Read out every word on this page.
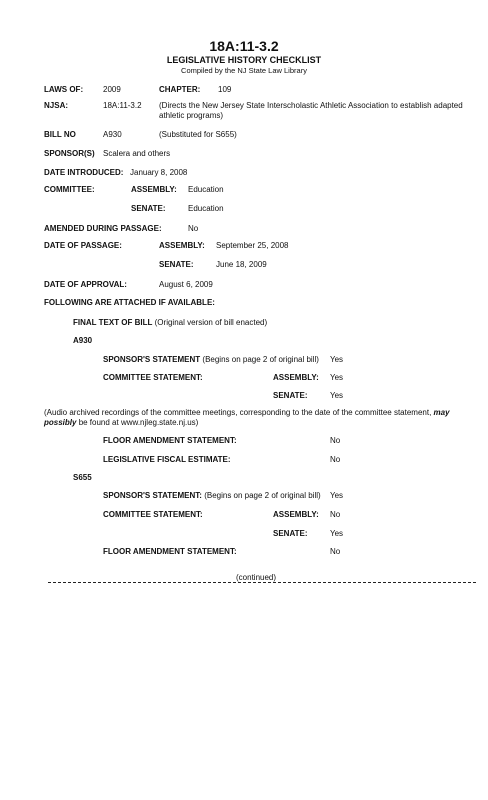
18A:11-3.2
LEGISLATIVE HISTORY CHECKLIST
Compiled by the NJ State Law Library
LAWS OF: 2009	CHAPTER: 109
NJSA:	18A:11-3.2 (Directs the New Jersey State Interscholastic Athletic Association to establish adapted athletic programs)
BILL NO	A930	(Substituted for S655)
SPONSOR(S) Scalera and others
DATE INTRODUCED: January 8, 2008
COMMITTEE:	ASSEMBLY: Education
SENATE:	Education
AMENDED DURING PASSAGE:	No
DATE OF PASSAGE:	ASSEMBLY: September 25, 2008
SENATE:	June 18, 2009
DATE OF APPROVAL:	August 6, 2009
FOLLOWING ARE ATTACHED IF AVAILABLE:
FINAL TEXT OF BILL (Original version of bill enacted)
A930
SPONSOR'S STATEMENT (Begins on page 2 of original bill) Yes
COMMITTEE STATEMENT:	ASSEMBLY: Yes
SENATE:	Yes
(Audio archived recordings of the committee meetings, corresponding to the date of the committee statement, may possibly be found at www.njleg.state.nj.us)
FLOOR AMENDMENT STATEMENT:	No
LEGISLATIVE FISCAL ESTIMATE:	No
S655
SPONSOR'S STATEMENT: (Begins on page 2 of original bill) Yes
COMMITTEE STATEMENT:	ASSEMBLY: No
SENATE:	Yes
FLOOR AMENDMENT STATEMENT:	No
(continued)
